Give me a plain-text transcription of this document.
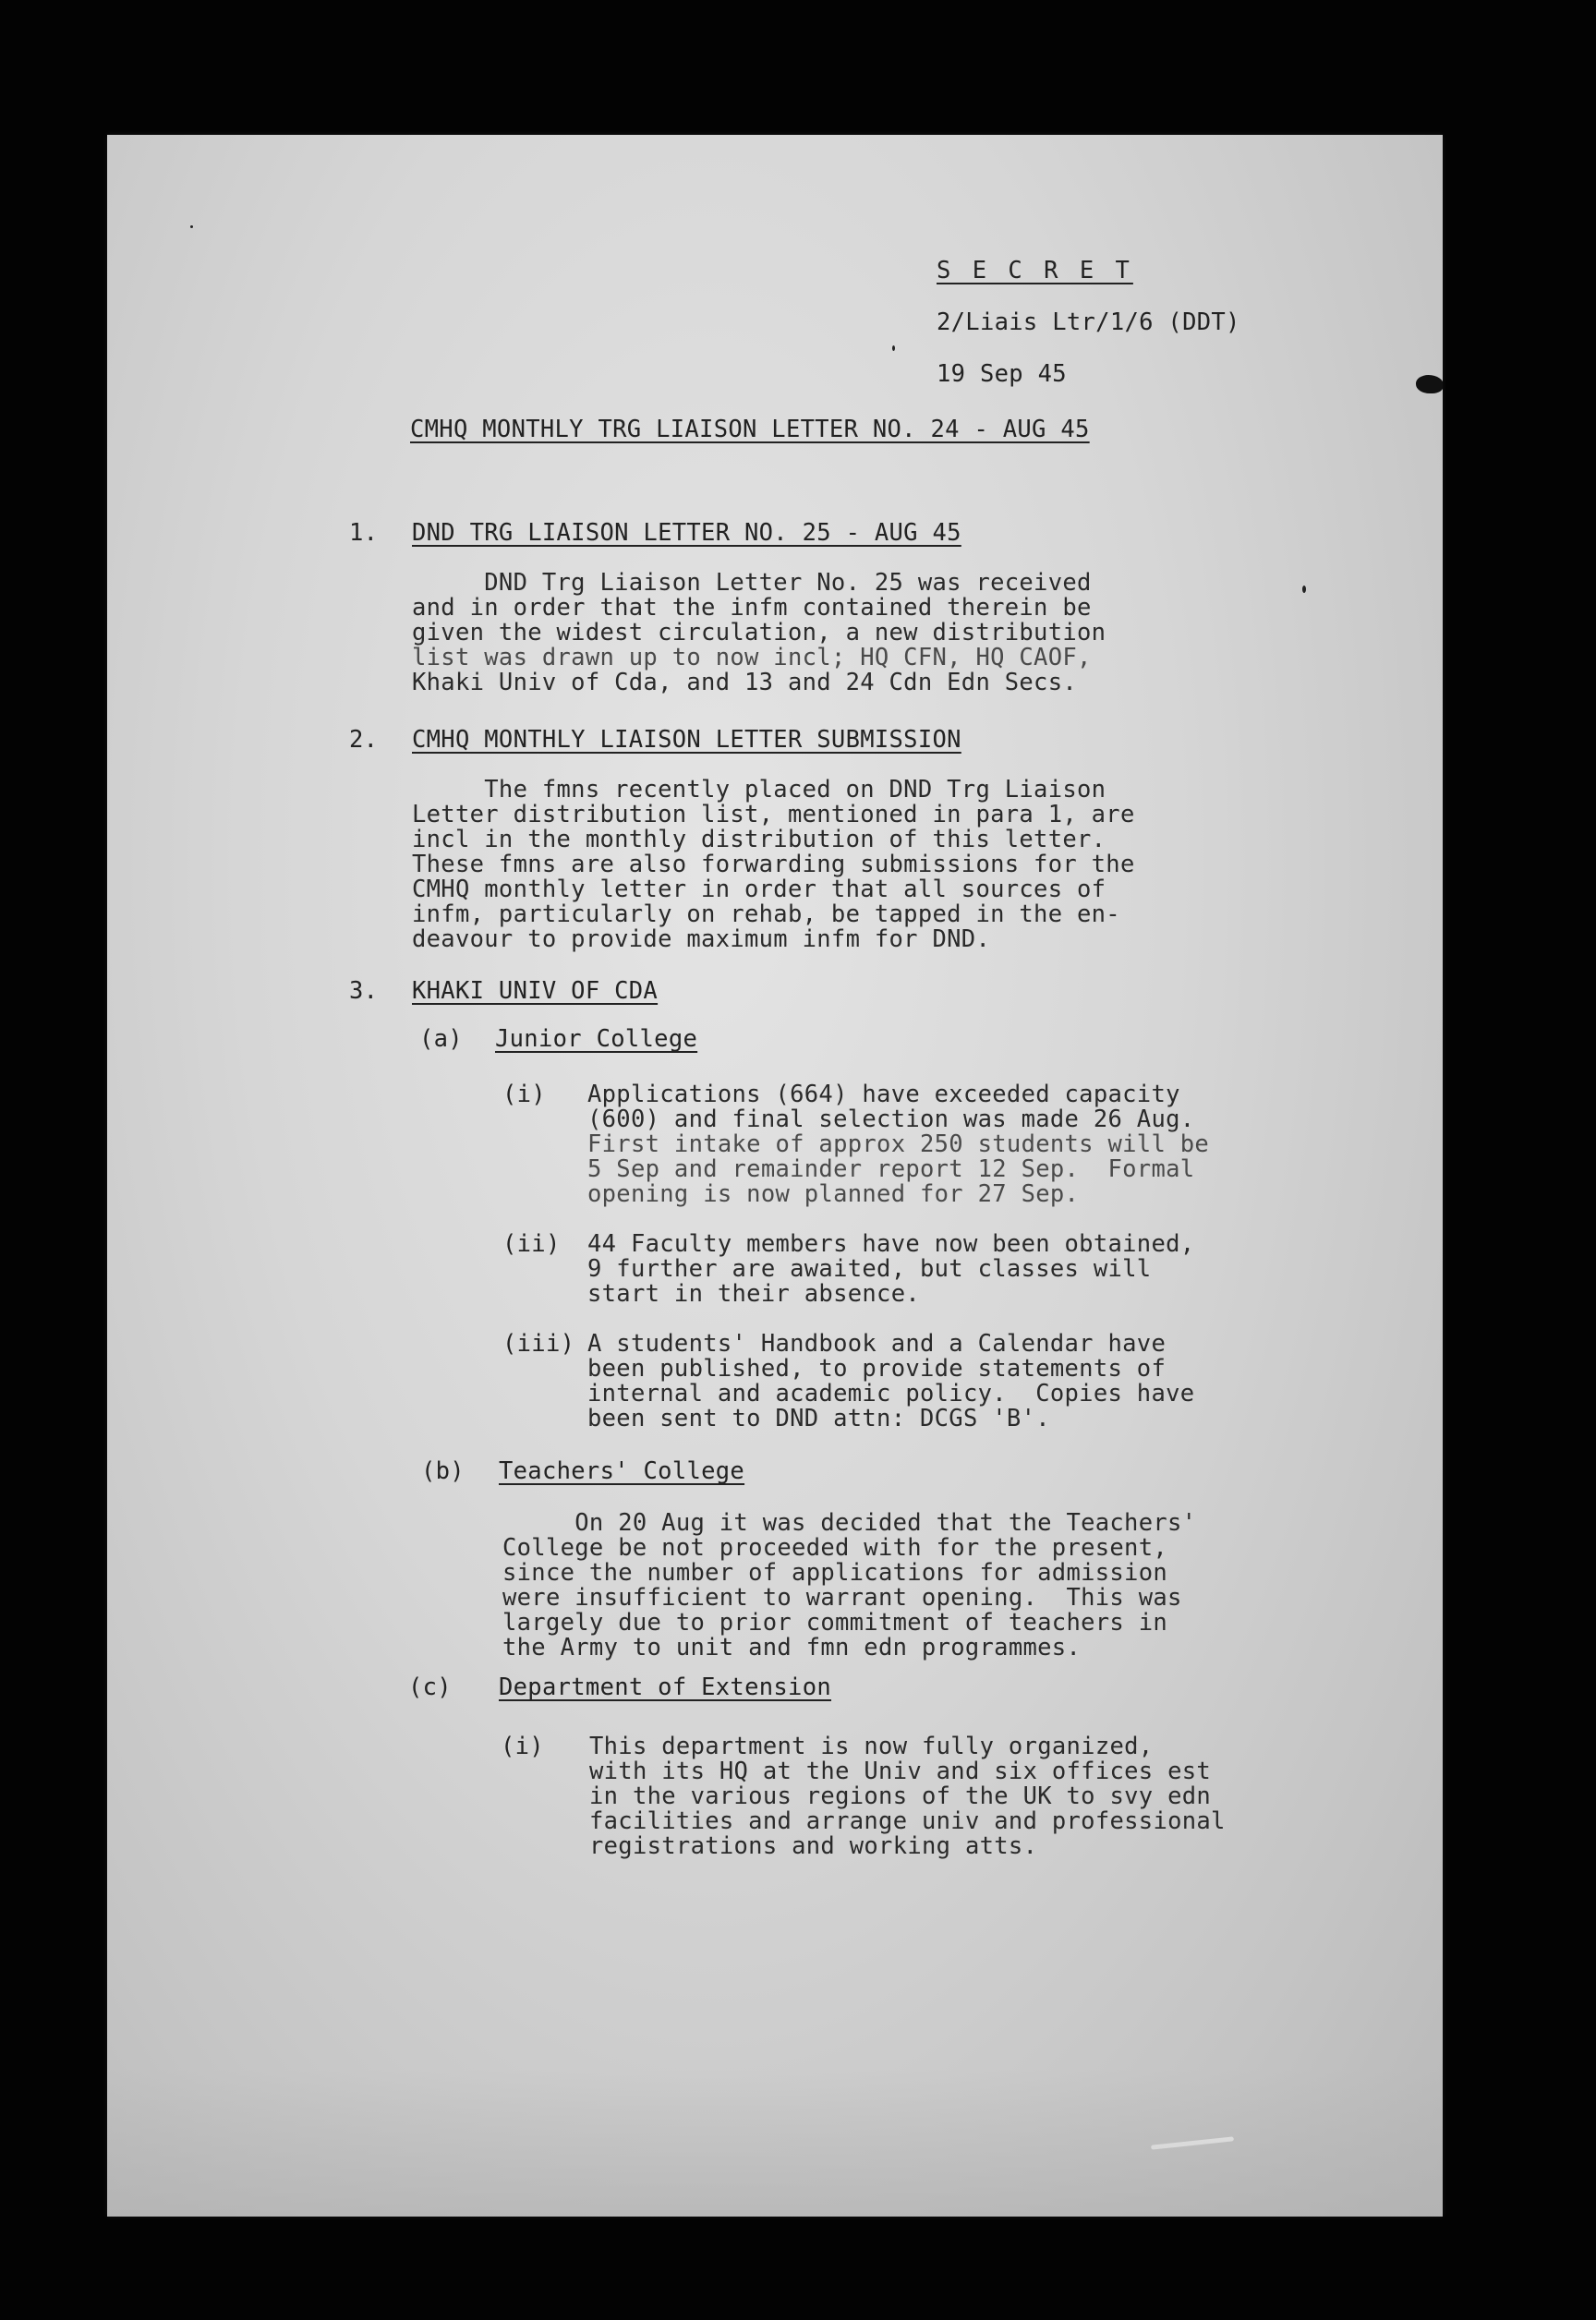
S E C R E T
2/Liais Ltr/1/6 (DDT)
19 Sep 45
CMHQ MONTHLY TRG LIAISON LETTER NO. 24 - AUG 45
1. DND TRG LIAISON LETTER NO. 25 - AUG 45
DND Trg Liaison Letter No. 25 was received
and in order that the infm contained therein be
given the widest circulation, a new distribution
list was drawn up to now incl; HQ CFN, HQ CAOF,
Khaki Univ of Cda, and 13 and 24 Cdn Edn Secs.
2. CMHQ MONTHLY LIAISON LETTER SUBMISSION
The fmns recently placed on DND Trg Liaison
Letter distribution list, mentioned in para 1, are
incl in the monthly distribution of this letter.
These fmns are also forwarding submissions for the
CMHQ monthly letter in order that all sources of
infm, particularly on rehab, be tapped in the en-
deavour to provide maximum infm for DND.
3. KHAKI UNIV OF CDA
(a) Junior College
(i) Applications (664) have exceeded capacity
(600) and final selection was made 26 Aug.
First intake of approx 250 students will be
5 Sep and remainder report 12 Sep.  Formal
opening is now planned for 27 Sep.
(ii) 44 Faculty members have now been obtained,
9 further are awaited, but classes will
start in their absence.
(iii) A students' Handbook and a Calendar have
been published, to provide statements of
internal and academic policy.  Copies have
been sent to DND attn: DCGS 'B'.
(b) Teachers' College
On 20 Aug it was decided that the Teachers'
College be not proceeded with for the present,
since the number of applications for admission
were insufficient to warrant opening.  This was
largely due to prior commitment of teachers in
the Army to unit and fmn edn programmes.
(c) Department of Extension
(i) This department is now fully organized,
with its HQ at the Univ and six offices est
in the various regions of the UK to svy edn
facilities and arrange univ and professional
registrations and working atts.
